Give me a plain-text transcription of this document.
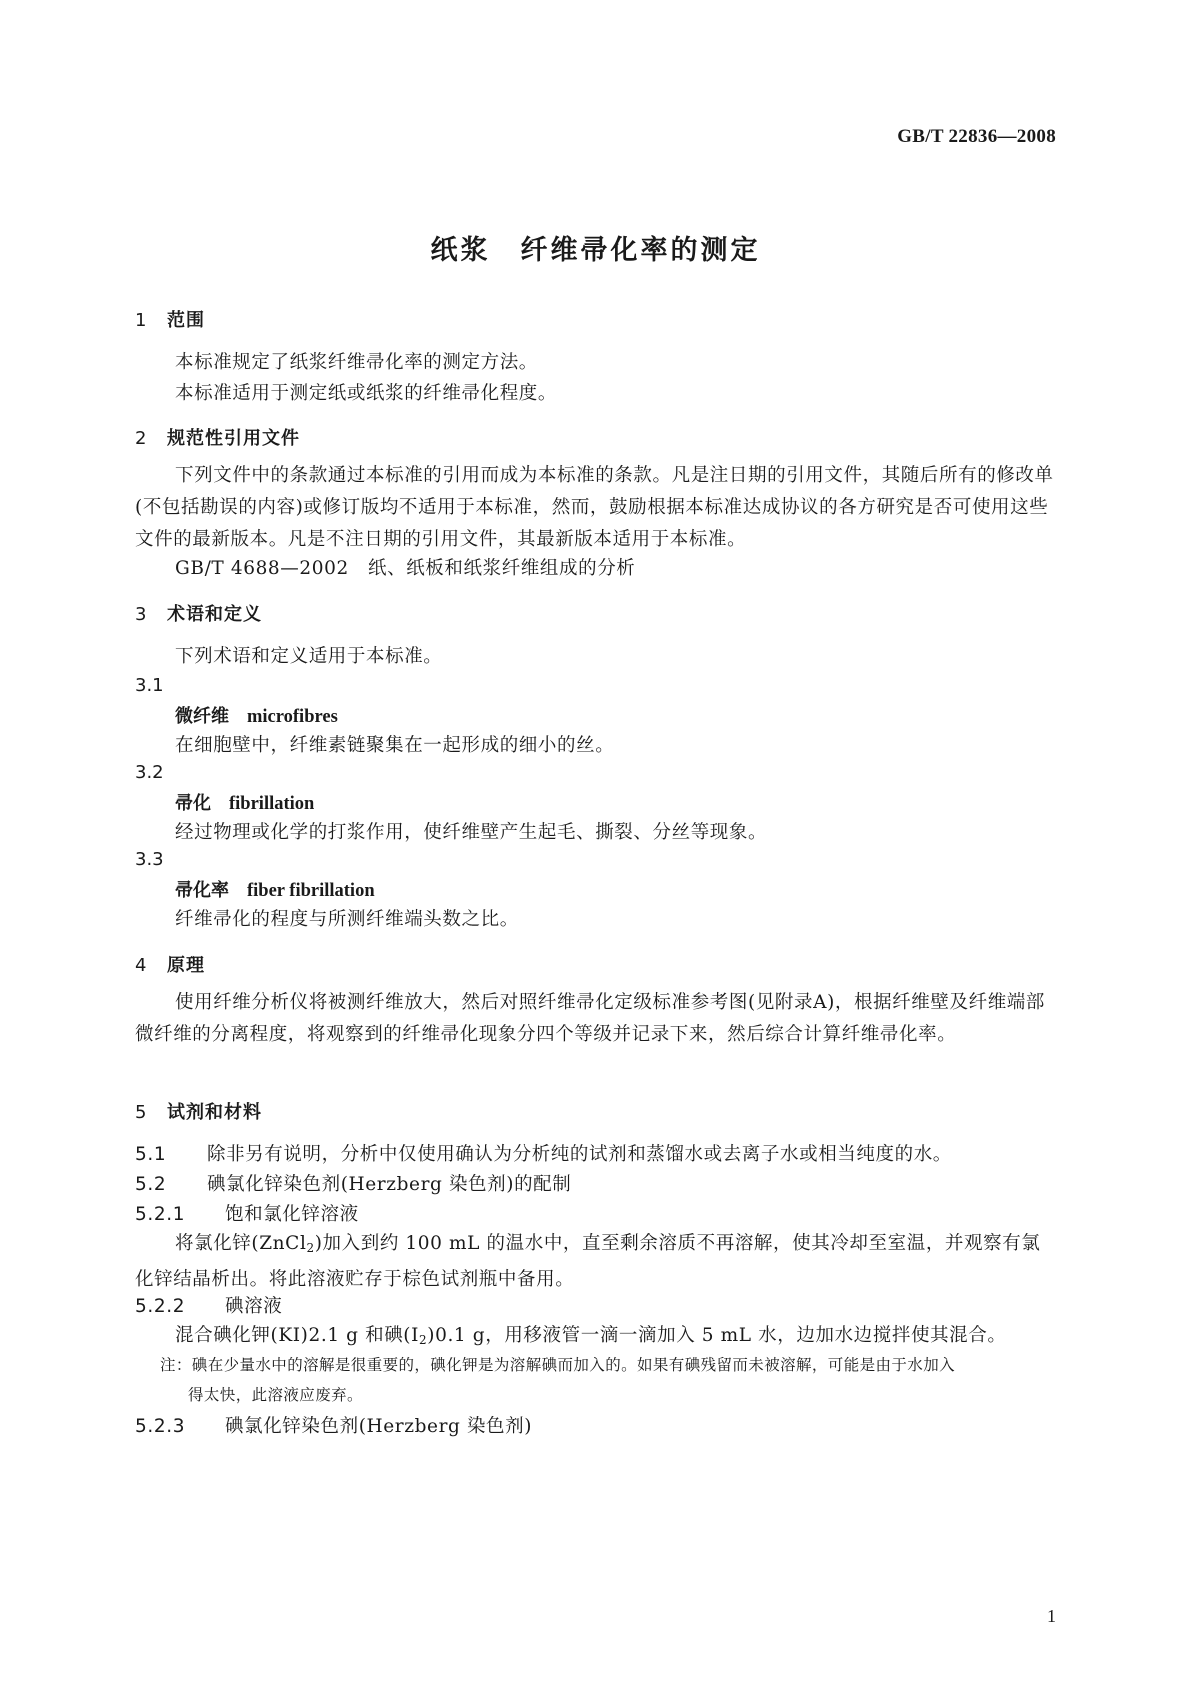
GB/T 22836—2008
纸浆　纤维帚化率的测定
1 范围
本标准规定了纸浆纤维帚化率的测定方法。
本标准适用于测定纸或纸浆的纤维帚化程度。
2 规范性引用文件
下列文件中的条款通过本标准的引用而成为本标准的条款。凡是注日期的引用文件，其随后所有的修改单(不包括勘误的内容)或修订版均不适用于本标准，然而，鼓励根据本标准达成协议的各方研究是否可使用这些文件的最新版本。凡是不注日期的引用文件，其最新版本适用于本标准。
GB/T 4688—2002　纸、纸板和纸浆纤维组成的分析
3 术语和定义
下列术语和定义适用于本标准。
3.1
微纤维 microfibres
在细胞壁中，纤维素链聚集在一起形成的细小的丝。
3.2
帚化 fibrillation
经过物理或化学的打浆作用，使纤维壁产生起毛、撕裂、分丝等现象。
3.3
帚化率 fiber fibrillation
纤维帚化的程度与所测纤维端头数之比。
4 原理
使用纤维分析仪将被测纤维放大，然后对照纤维帚化定级标准参考图(见附录A)，根据纤维壁及纤维端部微纤维的分离程度，将观察到的纤维帚化现象分四个等级并记录下来，然后综合计算纤维帚化率。
5 试剂和材料
5.1 除非另有说明，分析中仅使用确认为分析纯的试剂和蒸馏水或去离子水或相当纯度的水。
5.2 碘氯化锌染色剂(Herzberg 染色剂)的配制
5.2.1 饱和氯化锌溶液
将氯化锌(ZnCl$_2$)加入到约 100 mL 的温水中，直至剩余溶质不再溶解，使其冷却至室温，并观察有氯化锌结晶析出。将此溶液贮存于棕色试剂瓶中备用。
5.2.2 碘溶液
混合碘化钾(KI)2.1 g 和碘$(I_2)0.1$ g，用移液管一滴一滴加入 5 mL 水，边加水边搅拌使其混合。
注：碘在少量水中的溶解是很重要的，碘化钾是为溶解碘而加入的。如果有碘残留而未被溶解，可能是由于水加入
得太快，此溶液应废弃。
5.2.3 碘氯化锌染色剂(Herzberg 染色剂)
1
